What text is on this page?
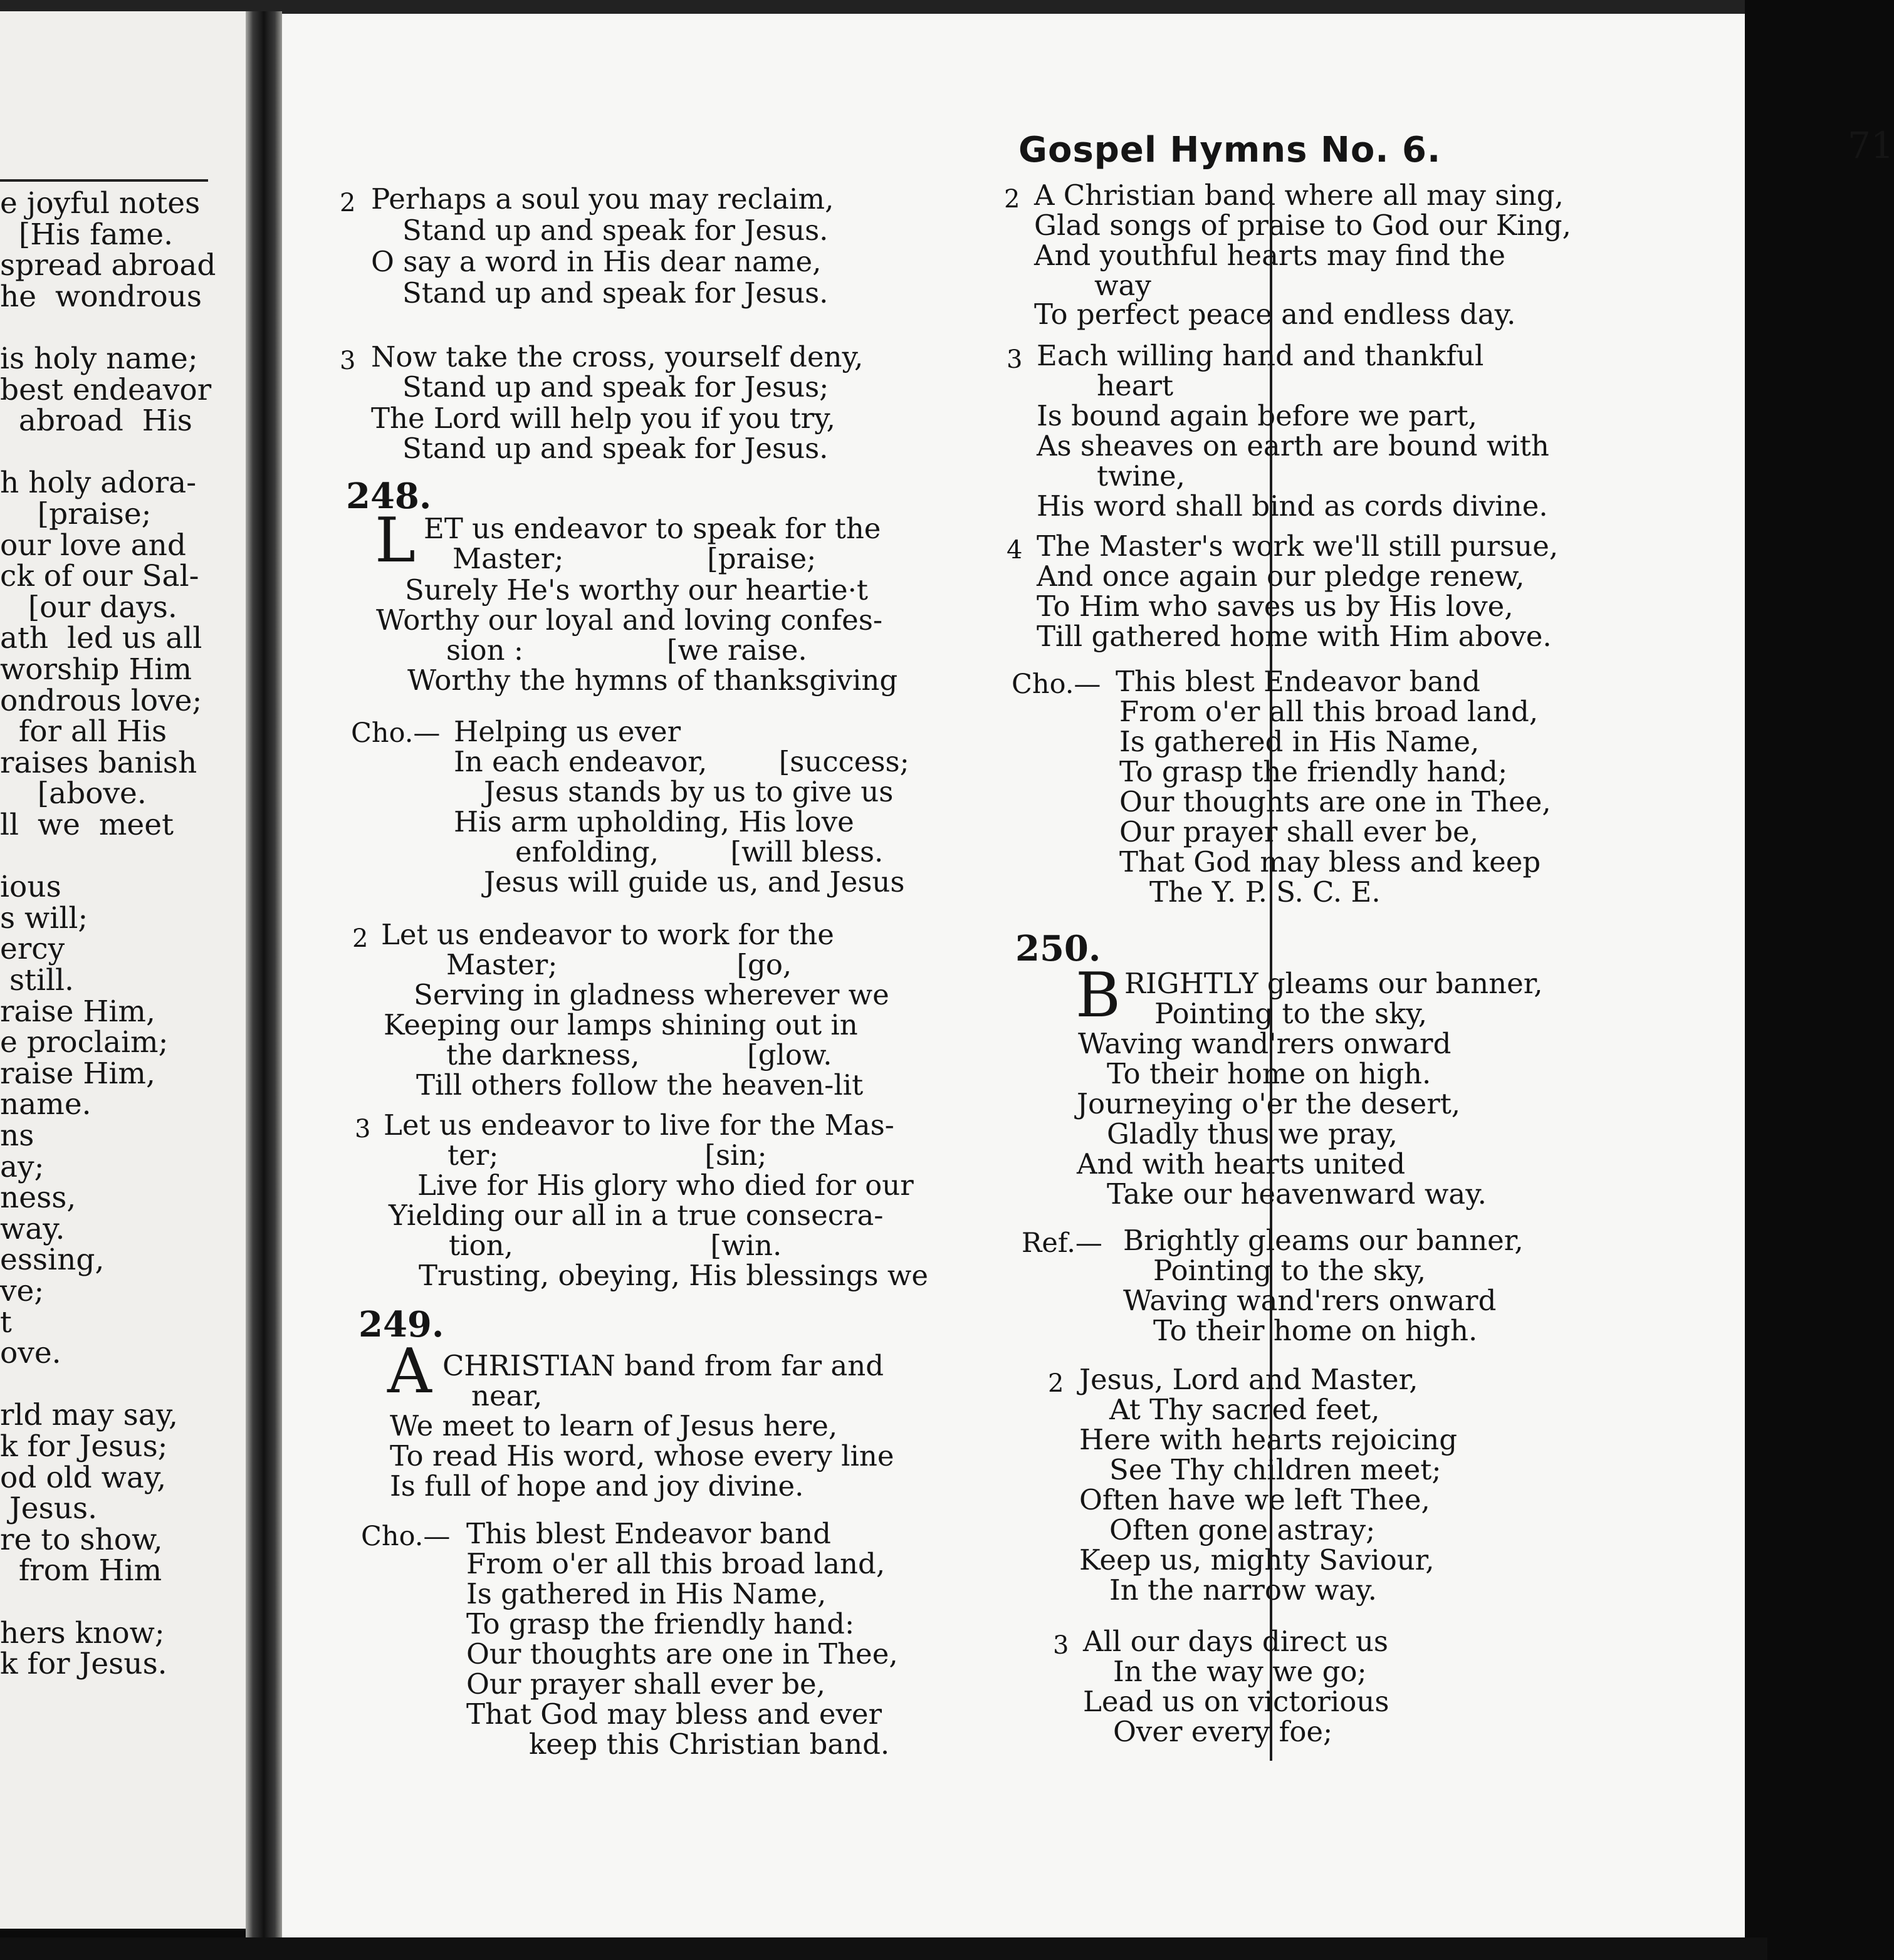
e joyful notes
[His fame.
spread abroad
he  wondrous
is holy name;
best endeavor
abroad  His
h holy adora-
[praise;
our love and
ck of our Sal-
[our days.
ath  led us all
worship Him
ondrous love;
for all His
raises banish
[above.
ll  we  meet
ious
s will;
ercy
still.
raise Him,
e proclaim;
raise Him,
name.
ns
ay;
ness,
way.
essing,
ve;
t
ove.
rld may say,
k for Jesus;
od old way,
Jesus.
re to show,
from Him
hers know;
k for Jesus.
Gospel Hymns No. 6.	71
2 Perhaps a soul you may reclaim,
Stand up and speak for Jesus.
O say a word in His dear name,
Stand up and speak for Jesus.
3 Now take the cross, yourself deny,
Stand up and speak for Jesus;
The Lord will help you if you try,
Stand up and speak for Jesus.
248.
L ET us endeavor to speak for the
Master;                [praise;
Surely He's worthy our heartie·t
Worthy our loyal and loving confes-
sion :                [we raise.
Worthy the hymns of thanksgiving
Cho.— Helping us ever
In each endeavor,        [success;
Jesus stands by us to give us
His arm upholding, His love
enfolding,        [will bless.
Jesus will guide us, and Jesus
2 Let us endeavor to work for the
Master;                    [go,
Serving in gladness wherever we
Keeping our lamps shining out in
the darkness,            [glow.
Till others follow the heaven-lit
3 Let us endeavor to live for the Mas-
ter;                       [sin;
Live for His glory who died for our
Yielding our all in a true consecra-
tion,                      [win.
Trusting, obeying, His blessings we
249.
A CHRISTIAN band from far and
near,
We meet to learn of Jesus here,
To read His word, whose every line
Is full of hope and joy divine.
Cho.— This blest Endeavor band
From o'er all this broad land,
Is gathered in His Name,
To grasp the friendly hand:
Our thoughts are one in Thee,
Our prayer shall ever be,
That God may bless and ever
keep this Christian band.
2 A Christian band where all may sing,
Glad songs of praise to God our King,
And youthful hearts may find the
way
To perfect peace and endless day.
3 Each willing hand and thankful
heart
Is bound again before we part,
As sheaves on earth are bound with
twine,
His word shall bind as cords divine.
4 The Master's work we'll still pursue,
And once again our pledge renew,
To Him who saves us by His love,
Till gathered home with Him above.
Cho.— This blest Endeavor band
From o'er all this broad land,
Is gathered in His Name,
To grasp the friendly hand;
Our thoughts are one in Thee,
Our prayer shall ever be,
That God may bless and keep
The Y. P. S. C. E.
250.
B RIGHTLY gleams our banner,
Pointing to the sky,
Waving wand'rers onward
To their home on high.
Journeying o'er the desert,
Gladly thus we pray,
And with hearts united
Take our heavenward way.
Ref.— Brightly gleams our banner,
Pointing to the sky,
Waving wand'rers onward
To their home on high.
2 Jesus, Lord and Master,
At Thy sacred feet,
Here with hearts rejoicing
See Thy children meet;
Often have we left Thee,
Often gone astray;
Keep us, mighty Saviour,
In the narrow way.
3 All our days direct us
In the way we go;
Lead us on victorious
Over every foe;
